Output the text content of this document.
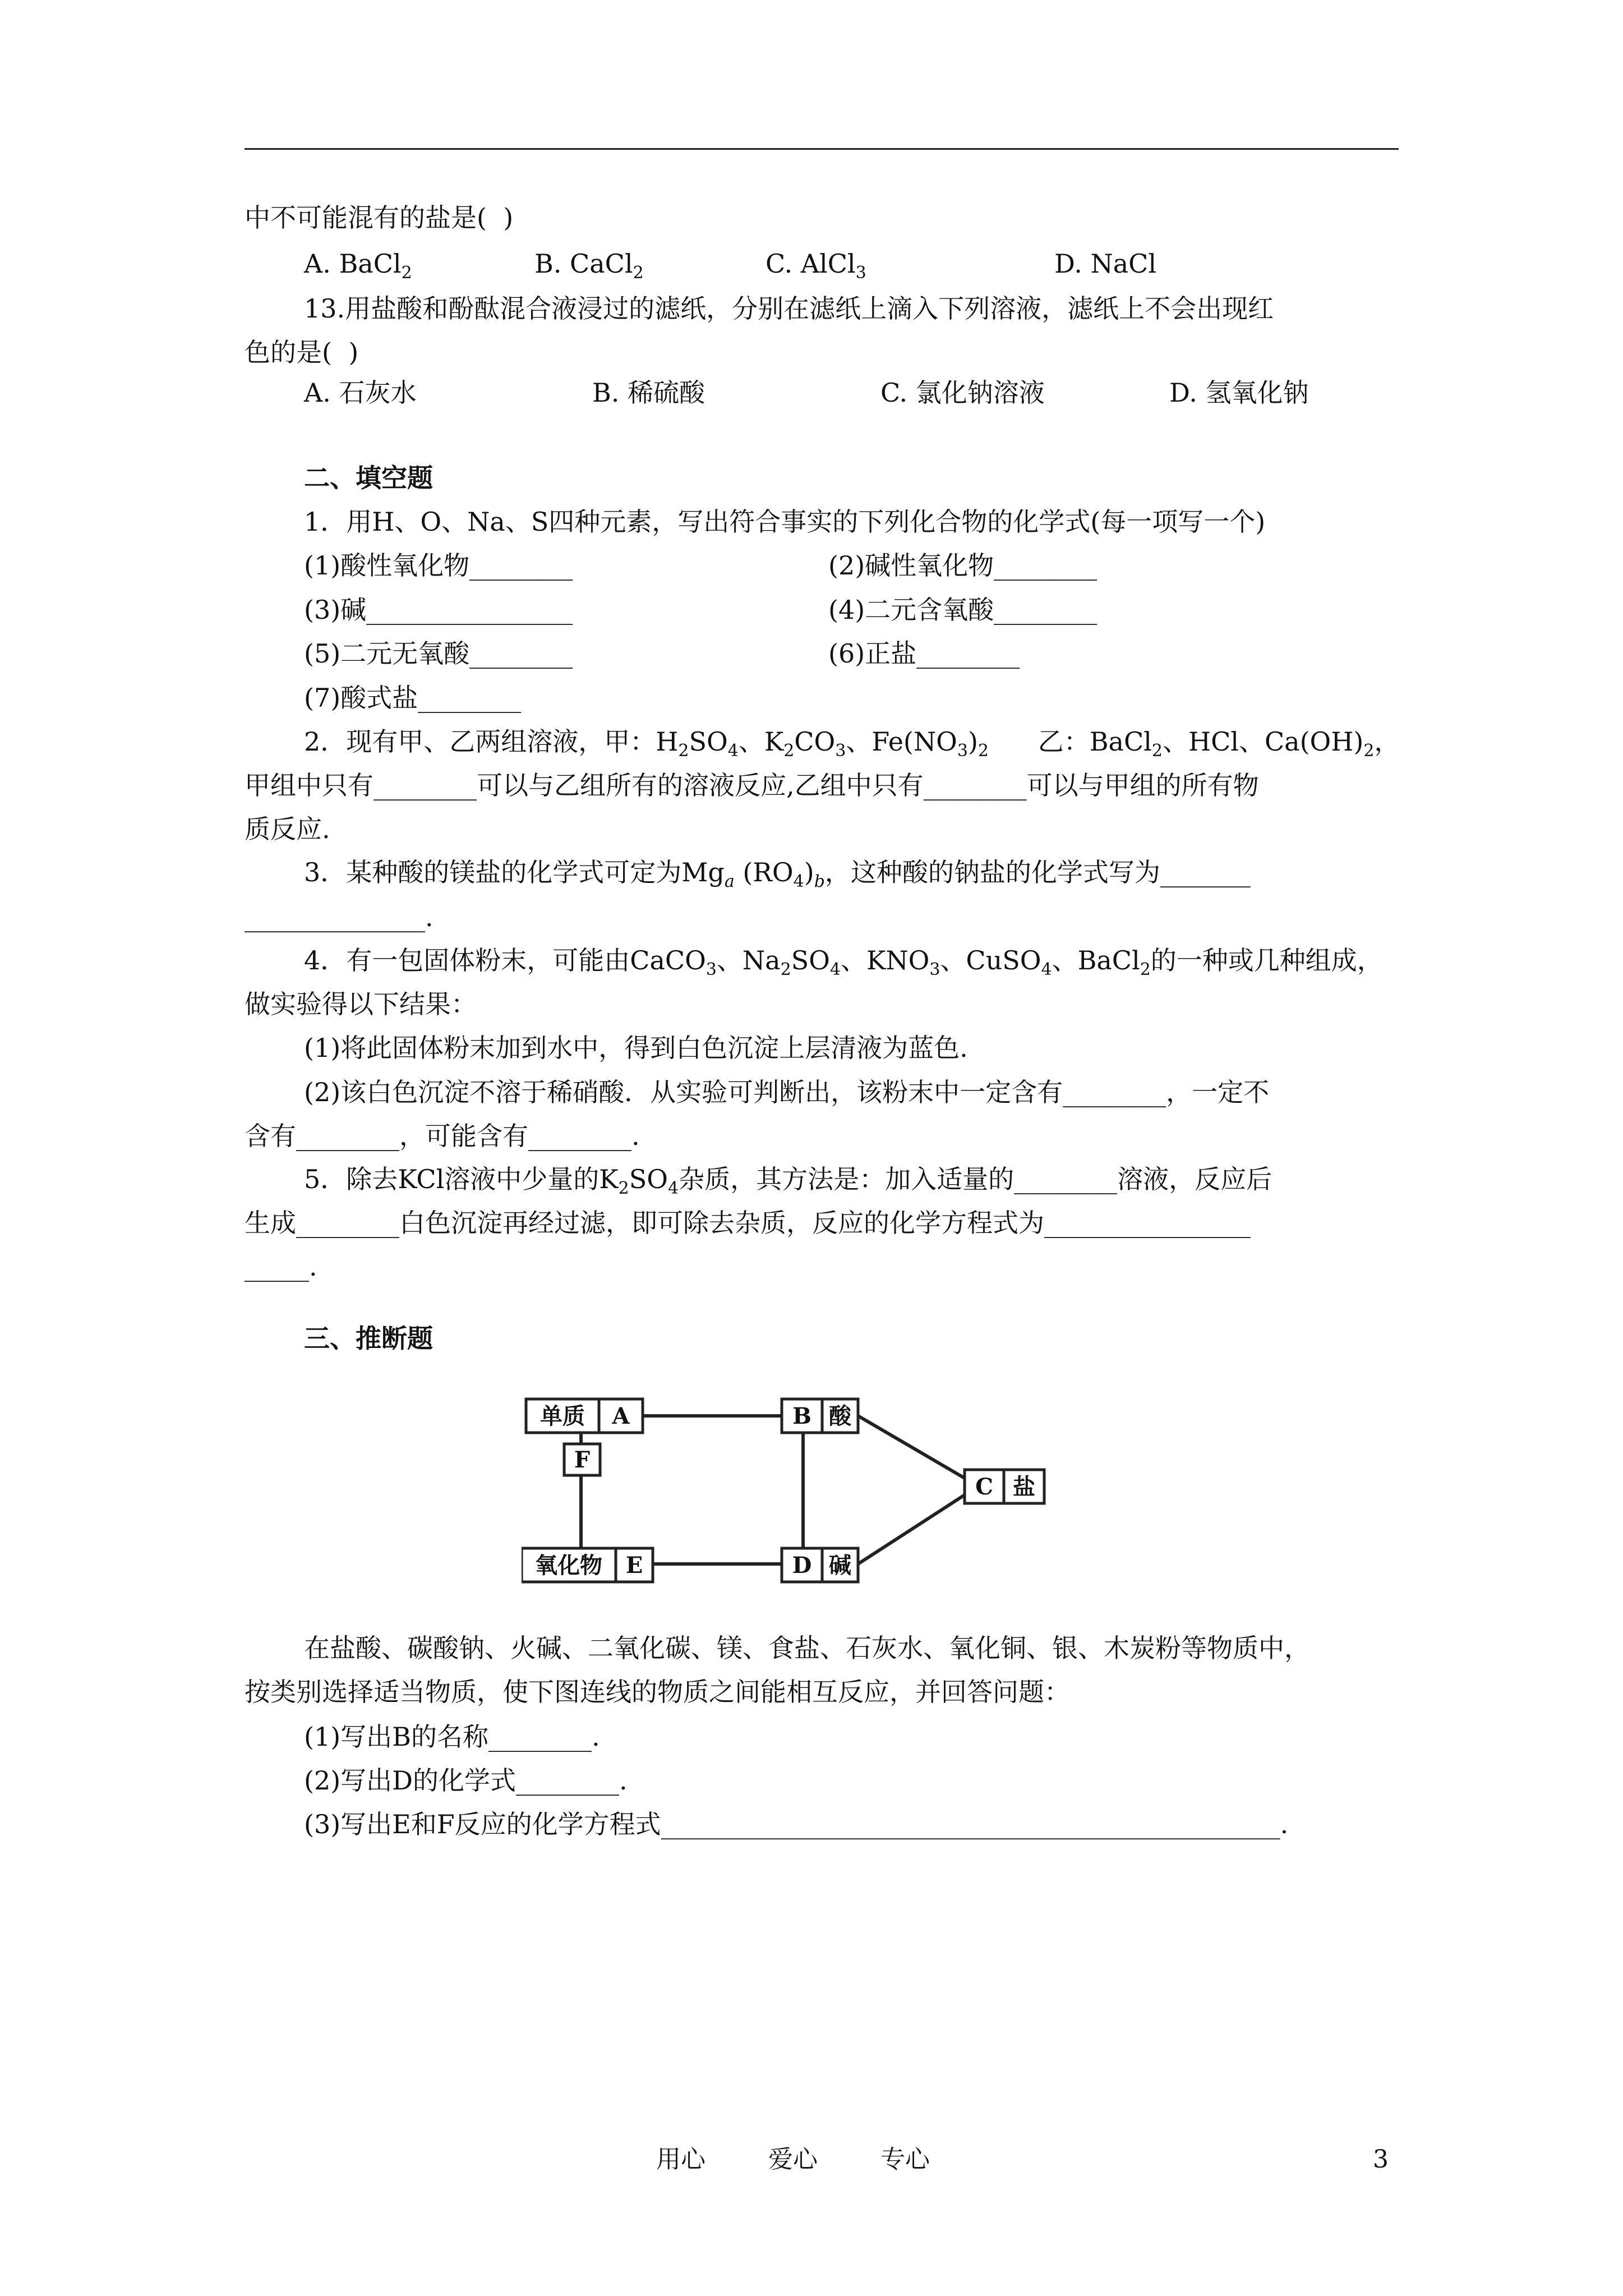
中不可能混有的盐是(  )
A. BaCl$_2$	B. CaCl$_2$	C. AlCl$_3$	D. NaCl
13.用盐酸和酚酞混合液浸过的滤纸，分别在滤纸上滴入下列溶液，滤纸上不会出现红
色的是(  )
A. 石灰水	B. 稀硫酸	C. 氯化钠溶液	D. 氢氧化钠
二、填空题
1．用H、O、Na、S四种元素，写出符合事实的下列化合物的化学式(每一项写一个)
(1)酸性氧化物________	(2)碱性氧化物________
(3)碱________________	(4)二元含氧酸________
(5)二元无氧酸________	(6)正盐________
(7)酸式盐________
2．现有甲、乙两组溶液，甲：$H_2SO_4$、$K_2CO_3$、$Fe(NO_3)_2$      乙：BaCl$_2$、HCl、$Ca(OH)_2$，
甲组中只有________可以与乙组所有的溶液反应,乙组中只有________可以与甲组的所有物
质反应.
3．某种酸的镁盐的化学式可定为$Mg_a$ $(RO_4)_b$，这种酸的钠盐的化学式写为_______
______________.
4．有一包固体粉末，可能由CaCO$_3$、$Na_2SO_4$、$KNO_3$、CuSO$_4$、BaCl$_2$的一种或几种组成，
做实验得以下结果：
(1)将此固体粉末加到水中，得到白色沉淀上层清液为蓝色.
(2)该白色沉淀不溶于稀硝酸．从实验可判断出，该粉末中一定含有________，一定不
含有________，可能含有________.
5．除去KCl溶液中少量的$K_2SO_4$杂质，其方法是：加入适量的________溶液，反应后
生成________白色沉淀再经过滤，即可除去杂质，反应的化学方程式为________________
_____.
三、推断题
单质 A	B 酸
F
C 盐
D 碱
氧化物 E
在盐酸、碳酸钠、火碱、二氧化碳、镁、食盐、石灰水、氧化铜、银、木炭粉等物质中，
按类别选择适当物质，使下图连线的物质之间能相互反应，并回答问题：
(1)写出B的名称________.
(2)写出D的化学式________.
(3)写出E和F反应的化学方程式________________________________________________.
用心	爱心	专心	3
